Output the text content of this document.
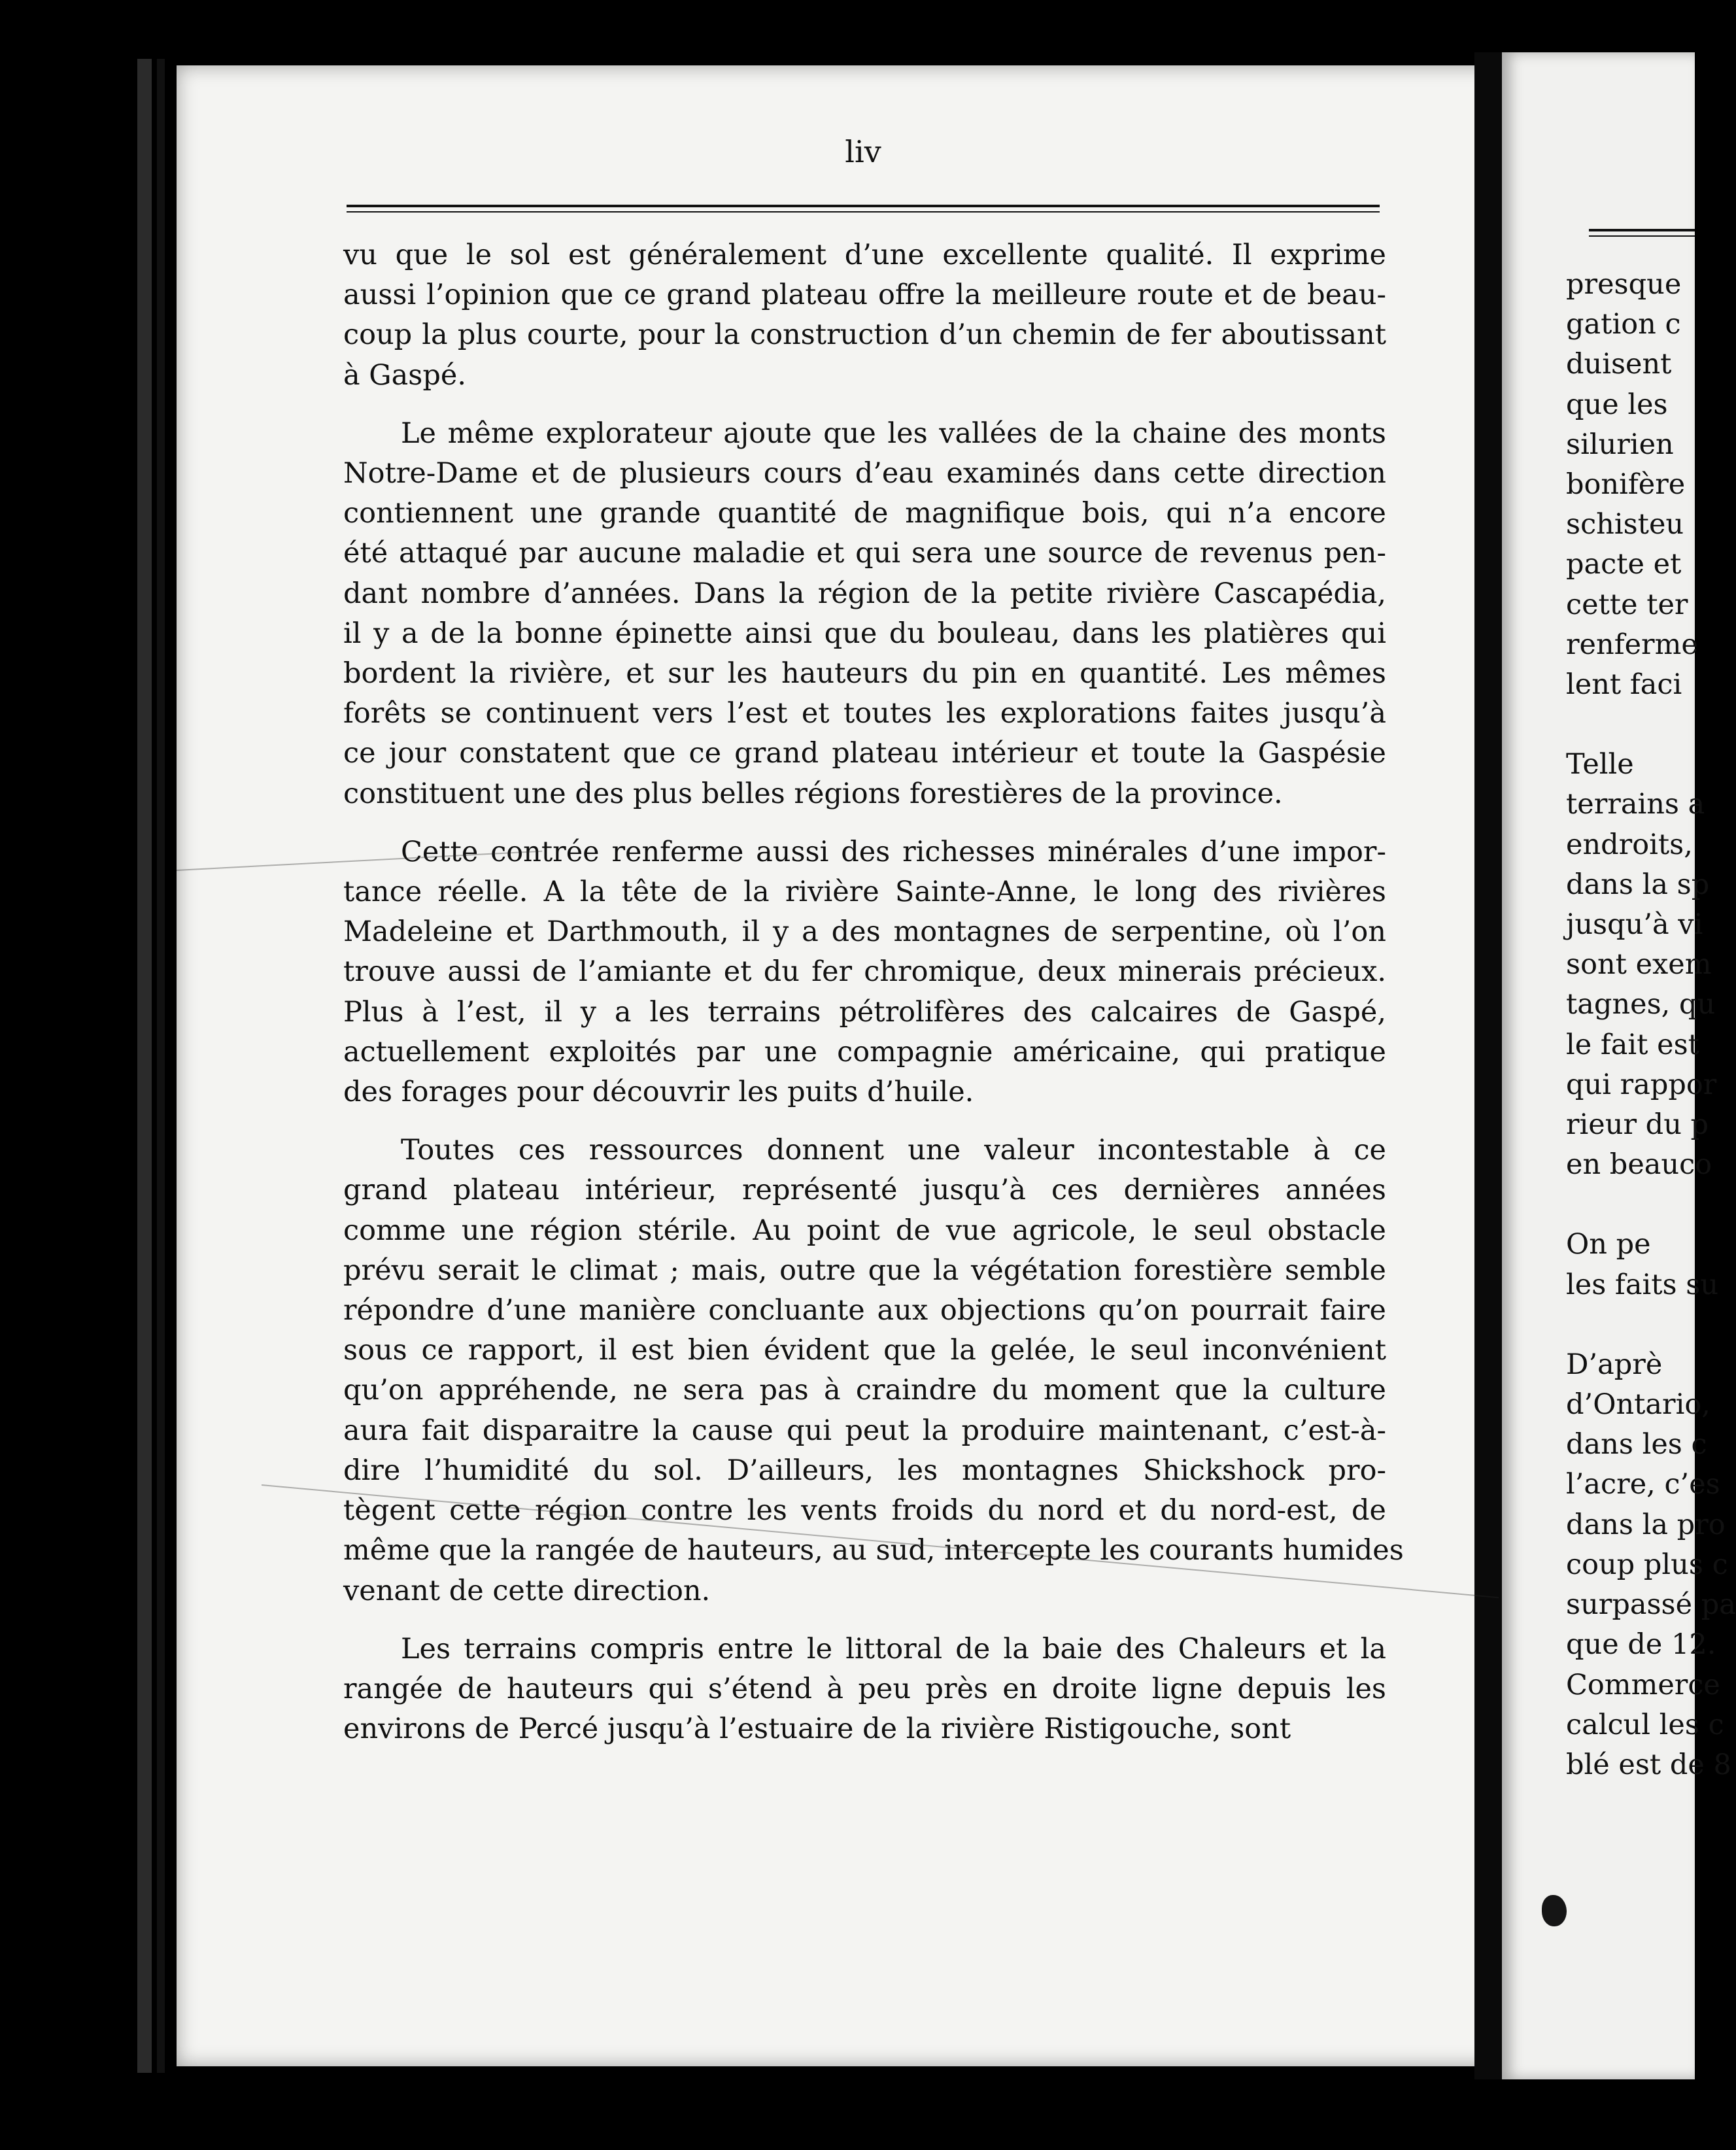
liv
vu que le sol est généralement d’une excellente qualité. Il exprime
aussi l’opinion que ce grand plateau offre la meilleure route et de beau-
coup la plus courte, pour la construction d’un chemin de fer aboutissant
à Gaspé.
Le même explorateur ajoute que les vallées de la chaine des monts
Notre-Dame et de plusieurs cours d’eau examinés dans cette direction
contiennent une grande quantité de magnifique bois, qui n’a encore
été attaqué par aucune maladie et qui sera une source de revenus pen-
dant nombre d’années. Dans la région de la petite rivière Cascapédia,
il y a de la bonne épinette ainsi que du bouleau, dans les platières qui
bordent la rivière, et sur les hauteurs du pin en quantité. Les mêmes
forêts se continuent vers l’est et toutes les explorations faites jusqu’à
ce jour constatent que ce grand plateau intérieur et toute la Gaspésie
constituent une des plus belles régions forestières de la province.
Cette contrée renferme aussi des richesses minérales d’une impor-
tance réelle. A la tête de la rivière Sainte-Anne, le long des rivières
Madeleine et Darthmouth, il y a des montagnes de serpentine, où l’on
trouve aussi de l’amiante et du fer chromique, deux minerais précieux.
Plus à l’est, il y a les terrains pétrolifères des calcaires de Gaspé,
actuellement exploités par une compagnie américaine, qui pratique
des forages pour découvrir les puits d’huile.
Toutes ces ressources donnent une valeur incontestable à ce
grand plateau intérieur, représenté jusqu’à ces dernières années
comme une région stérile. Au point de vue agricole, le seul obstacle
prévu serait le climat ; mais, outre que la végétation forestière semble
répondre d’une manière concluante aux objections qu’on pourrait faire
sous ce rapport, il est bien évident que la gelée, le seul inconvénient
qu’on appréhende, ne sera pas à craindre du moment que la culture
aura fait disparaitre la cause qui peut la produire maintenant, c’est-à-
dire l’humidité du sol. D’ailleurs, les montagnes Shickshock pro-
tègent cette région contre les vents froids du nord et du nord-est, de
même que la rangée de hauteurs, au sud, intercepte les courants humides
venant de cette direction.
Les terrains compris entre le littoral de la baie des Chaleurs et la
rangée de hauteurs qui s’étend à peu près en droite ligne depuis les
environs de Percé jusqu’à l’estuaire de la rivière Ristigouche, sont
presque
gation c
duisent
que les
silurien
bonifère
schisteu
pacte et
cette ter
renferme
lent faci
Telle
terrains a
endroits,
dans la sp
jusqu’à vi
sont exem
tagnes, qu
le fait est
qui rappor
rieur du p
en beauco
On pe
les faits su
D’aprè
d’Ontario,
dans les c
l’acre, c’es
dans la pro
coup plus c
surpassé pa
que de 12.
Commerce
calcul les c
blé est de 8
